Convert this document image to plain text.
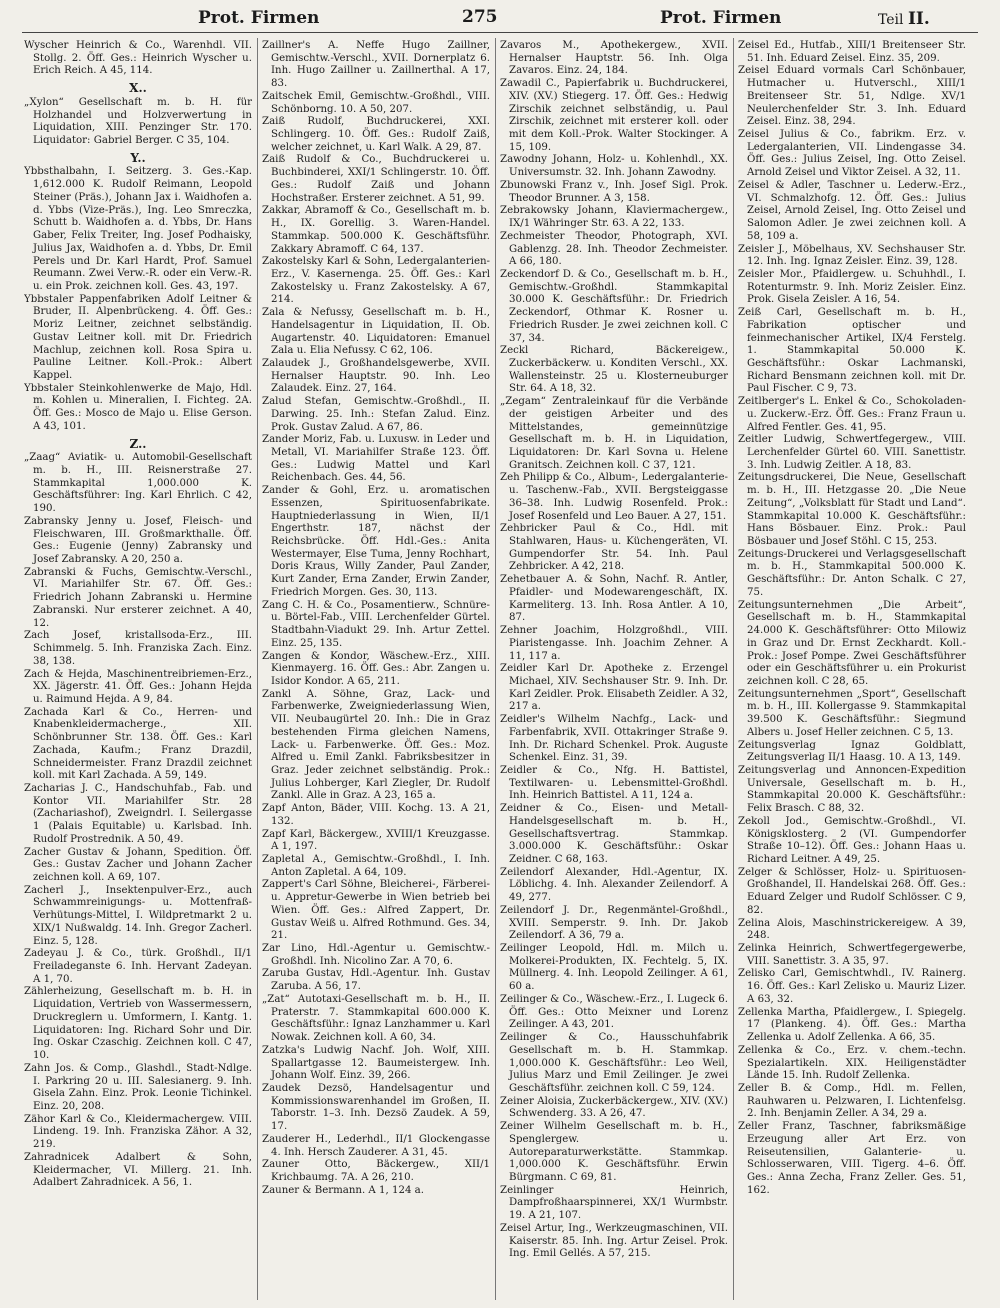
Prot. Firmen	275	Prot. Firmen	Teil II.

Wyscher Heinrich & Co., Warenhdl. VII. Stollg. 2. Öff. Ges.: Heinrich Wyscher u. Erich Reich. A 45, 114.

X..

„Xylon“ Gesellschaft m. b. H. für Holzhandel und Holzverwertung in Liquidation, XIII. Penzinger Str. 170. Liquidator: Gabriel Berger. C 35, 104.

Y..

Ybbsthalbahn, I. Seitzerg. 3. Ges.-Kap. 1,612.000 K. Rudolf Reimann, Leopold Steiner (Präs.), Johann Jax i. Waidhofen a. d. Ybbs (Vize-Präs.), Ing. Leo Smreczka, Schutt b. Waidhofen a. d. Ybbs, Dr. Hans Gaber, Felix Treiter, Ing. Josef Podhaisky, Julius Jax, Waidhofen a. d. Ybbs, Dr. Emil Perels und Dr. Karl Hardt, Prof. Samuel Reumann. Zwei Verw.-R. oder ein Verw.-R. u. ein Prok. zeichnen koll. Ges. 43, 197.

Ybbstaler Pappenfabriken Adolf Leitner & Bruder, II. Alpenbrückeng. 4. Öff. Ges.: Moriz Leitner, zeichnet selbständig. Gustav Leitner koll. mit Dr. Friedrich Machlup, zeichnen koll. Rosa Spira u. Pauline Leitner. Koll.-Prok.: Albert Kappel.

Ybbstaler Steinkohlenwerke de Majo, Hdl. m. Kohlen u. Mineralien, I. Fichteg. 2A. Öff. Ges.: Mosco de Majo u. Elise Gerson. A 43, 101.

Z..

„Zaag“ Aviatik- u. Automobil-Gesellschaft m. b. H., III. Reisnerstraße 27. Stammkapital 1,000.000 K. Geschäftsführer: Ing. Karl Ehrlich. C 42, 190.

Zabransky Jenny u. Josef, Fleisch- und Fleischwaren, III. Großmarkthalle. Öff. Ges.: Eugenie (Jenny) Zabransky und Josef Zabransky. A 20, 250 a.

Zabranski & Fuchs, Gemischtw.-Verschl., VI. Mariahilfer Str. 67. Öff. Ges.: Friedrich Johann Zabranski u. Hermine Zabranski. Nur ersterer zeichnet. A 40, 12.

Zach Josef, kristallsoda-Erz., III. Schimmelg. 5. Inh. Franziska Zach. Einz. 38, 138.

Zach & Hejda, Maschinentreibriemen-Erz., XX. Jägerstr. 41. Öff. Ges.: Johann Hejda u. Raimund Hejda. A 9, 84.

Zachada Karl & Co., Herren- und Knabenkleidermacherge., XII. Schönbrunner Str. 138. Öff. Ges.: Karl Zachada, Kaufm.; Franz Drazdil, Schneidermeister. Franz Drazdil zeichnet koll. mit Karl Zachada. A 59, 149.

Zacharias J. C., Handschuhfab., Fab. und Kontor VII. Mariahilfer Str. 28 (Zachariashof), Zweigndrl. I. Seilergasse 1 (Palais Equitable) u. Karlsbad. Inh. Rudolf Prostrednik. A 50, 49.

Zacher Gustav & Johann, Spedition. Öff. Ges.: Gustav Zacher und Johann Zacher zeichnen koll. A 69, 107.

Zacherl J., Insektenpulver-Erz., auch Schwammreinigungs- u. Mottenfraß-Verhütungs-Mittel, I. Wildpretmarkt 2 u. XIX/1 Nußwaldg. 14. Inh. Gregor Zacherl. Einz. 5, 128.

Zadeyau J. & Co., türk. Großhdl., II/1 Freiladeganste 6. Inh. Hervant Zadeyan. A 1, 70.

Zählerheizung, Gesellschaft m. b. H. in Liquidation, Vertrieb von Wassermessern, Druckreglern u. Umformern, I. Kantg. 1. Liquidatoren: Ing. Richard Sohr und Dir. Ing. Oskar Czaschig. Zeichnen koll. C 47, 10.

Zahn Jos. & Comp., Glashdl., Stadt-Ndlge. I. Parkring 20 u. III. Salesianerg. 9. Inh. Gisela Zahn. Einz. Prok. Leonie Tichinkel. Einz. 20, 208.

Zähor Karl & Co., Kleidermachergew. VIII. Lindeng. 19. Inh. Franziska Zähor. A 32, 219.

Zahradnicek Adalbert & Sohn, Kleidermacher, VI. Millerg. 21. Inh. Adalbert Zahradnicek. A 56, 1.

Zaillner's A. Neffe Hugo Zaillner, Gemischtw.-Verschl., XVII. Dornerplatz 6. Inh. Hugo Zaillner u. Zaillnerthal. A 17, 83.

Zaitschek Emil, Gemischtw.-Großhdl., VIII. Schönborng. 10. A 50, 207.

Zaiß Rudolf, Buchdruckerei, XXI. Schlingerg. 10. Öff. Ges.: Rudolf Zaiß, welcher zeichnet, u. Karl Walk. A 29, 87.

Zaiß Rudolf & Co., Buchdruckerei u. Buchbinderei, XXI/1 Schlingerstr. 10. Öff. Ges.: Rudolf Zaiß und Johann Hochstraßer. Ersterer zeichnet. A 51, 99.

Zakkar, Abramoff & Co., Gesellschaft m. b. H., IX. Gorellig. 3. Waren-Handel. Stammkap. 500.000 K. Geschäftsführ. Zakkary Abramoff. C 64, 137.

Zakostelsky Karl & Sohn, Ledergalanterien-Erz., V. Kasernenga. 25. Öff. Ges.: Karl Zakostelsky u. Franz Zakostelsky. A 67, 214.

Zala & Nefussy, Gesellschaft m. b. H., Handelsagentur in Liquidation, II. Ob. Augartenstr. 40. Liquidatoren: Emanuel Zala u. Elia Nefussy. C 62, 106.

Zalaudek J., Großhandelsgewerbe, XVII. Hernalser Hauptstr. 90. Inh. Leo Zalaudek. Einz. 27, 164.

Zalud Stefan, Gemischtw.-Großhdl., II. Darwing. 25. Inh.: Stefan Zalud. Einz. Prok. Gustav Zalud. A 67, 86.

Zander Moriz, Fab. u. Luxusw. in Leder und Metall, VI. Mariahilfer Straße 123. Öff. Ges.: Ludwig Mattel und Karl Reichenbach. Ges. 44, 56.

Zander & Gohl, Erz. u. aromatischen Essenzen, Spirituosenfabrikate. Hauptniederlassung in Wien, II/1 Engerthstr. 187, nächst der Reichsbrücke. Öff. Hdl.-Ges.: Anita Westermayer, Else Tuma, Jenny Rochhart, Doris Kraus, Willy Zander, Paul Zander, Kurt Zander, Erna Zander, Erwin Zander, Friedrich Morgen. Ges. 30, 113.

Zang C. H. & Co., Posamentierw., Schnüre- u. Börtel-Fab., VIII. Lerchenfelder Gürtel. Stadtbahn-Viadukt 29. Inh. Artur Zettel. Einz. 25, 135.

Zangen & Kondor, Wäschew.-Erz., XIII. Kienmayerg. 16. Öff. Ges.: Abr. Zangen u. Isidor Kondor. A 65, 211.

Zankl A. Söhne, Graz, Lack- und Farbenwerke, Zweigniederlassung Wien, VII. Neubaugürtel 20. Inh.: Die in Graz bestehenden Firma gleichen Namens, Lack- u. Farbenwerke. Öff. Ges.: Moz. Alfred u. Emil Zankl. Fabriksbesitzer in Graz. Jeder zeichnet selbständig. Prok.: Julius Lohberger, Karl Ziegler, Dr. Rudolf Zankl. Alle in Graz. A 23, 165 a.

Zapf Anton, Bäder, VIII. Kochg. 13. A 21, 132.

Zapf Karl, Bäckergew., XVIII/1 Kreuzgasse. A 1, 197.

Zapletal A., Gemischtw.-Großhdl., I. Inh. Anton Zapletal. A 64, 109.

Zappert's Carl Söhne, Bleicherei-, Färberei- u. Appretur-Gewerbe in Wien betrieb bei Wien. Öff. Ges.: Alfred Zappert, Dr. Gustav Weiß u. Alfred Rothmund. Ges. 34, 21.

Zar Lino, Hdl.-Agentur u. Gemischtw.-Großhdl. Inh. Nicolino Zar. A 70, 6.

Zaruba Gustav, Hdl.-Agentur. Inh. Gustav Zaruba. A 56, 17.

„Zat“ Autotaxi-Gesellschaft m. b. H., II. Praterstr. 7. Stammkapital 600.000 K. Geschäftsführ.: Ignaz Lanzhammer u. Karl Nowak. Zeichnen koll. A 60, 34.

Zatzka's Ludwig Nachf. Joh. Wolf, XIII. Spallartgasse 12. Baumeistergew. Inh. Johann Wolf. Einz. 39, 266.

Zaudek Dezsö, Handelsagentur und Kommissionswarenhandel im Großen, II. Taborstr. 1–3. Inh. Dezsö Zaudek. A 59, 17.

Zauderer H., Lederhdl., II/1 Glockengasse 4. Inh. Hersch Zauderer. A 31, 45.

Zauner Otto, Bäckergew., XII/1 Krichbaumg. 7A. A 26, 210.

Zauner & Bermann. A 1, 124 a.

Zavaros M., Apothekergew., XVII. Hernalser Hauptstr. 56. Inh. Olga Zavaros. Einz. 24, 184.

Zawadil C., Papierfabrik u. Buchdruckerei, XIV. (XV.) Stiegerg. 17. Öff. Ges.: Hedwig Zirschik zeichnet selbständig, u. Paul Zirschik, zeichnet mit ersterer koll. oder mit dem Koll.-Prok. Walter Stockinger. A 15, 109.

Zawodny Johann, Holz- u. Kohlenhdl., XX. Universumstr. 32. Inh. Johann Zawodny.

Zbunowski Franz v., Inh. Josef Sigl. Prok. Theodor Brunner. A 3, 158.

Zebrakowsky Johann, Klaviermachergew., IX/1 Währinger Str. 63. A 22, 133.

Zechmeister Theodor, Photograph, XVI. Gablenzg. 28. Inh. Theodor Zechmeister. A 66, 180.

Zeckendorf D. & Co., Gesellschaft m. b. H., Gemischtw.-Großhdl. Stammkapital 30.000 K. Geschäftsführ.: Dr. Friedrich Zeckendorf, Othmar K. Rosner u. Friedrich Rusder. Je zwei zeichnen koll. C 37, 34.

Zeckl Richard, Bäckereigew., Zuckerbäckerw. u. Konditen Verschl., XX. Wallensteinstr. 25 u. Klosterneuburger Str. 64. A 18, 32.

„Zegam“ Zentraleinkauf für die Verbände der geistigen Arbeiter und des Mittelstandes, gemeinnützige Gesellschaft m. b. H. in Liquidation, Liquidatoren: Dr. Karl Sovna u. Helene Granitsch. Zeichnen koll. C 37, 121.

Zeh Philipp & Co., Album-, Ledergalanterie- u. Taschenw.-Fab., XVII. Bergsteiggasse 36–38. Inh. Ludwig Rosenfeld. Prok.: Josef Rosenfeld und Leo Bauer. A 27, 151.

Zehbricker Paul & Co., Hdl. mit Stahlwaren, Haus- u. Küchengeräten, VI. Gumpendorfer Str. 54. Inh. Paul Zehbricker. A 42, 218.

Zehetbauer A. & Sohn, Nachf. R. Antler, Pfaidler- und Modewarengeschäft, IX. Karmeliterg. 13. Inh. Rosa Antler. A 10, 87.

Zehner Joachim, Holzgroßhdl., VIII. Piaristengasse. Inh. Joachim Zehner. A 11, 117 a.

Zeidler Karl Dr. Apotheke z. Erzengel Michael, XIV. Sechshauser Str. 9. Inh. Dr. Karl Zeidler. Prok. Elisabeth Zeidler. A 32, 217 a.

Zeidler's Wilhelm Nachfg., Lack- und Farbenfabrik, XVII. Ottakringer Straße 9. Inh. Dr. Richard Schenkel. Prok. Auguste Schenkel. Einz. 31, 39.

Zeidler & Co., Nfg. H. Battistel, Textilwaren- u. Lebensmittel-Großhdl. Inh. Heinrich Battistel. A 11, 124 a.

Zeidner & Co., Eisen- und Metall-Handelsgesellschaft m. b. H., Gesellschaftsvertrag. Stammkap. 3.000.000 K. Geschäftsführ.: Oskar Zeidner. C 68, 163.

Zeilendorf Alexander, Hdl.-Agentur, IX. Löblichg. 4. Inh. Alexander Zeilendorf. A 49, 277.

Zeilendorf J. Dr., Regenmäntel-Großhdl., XVIII. Semperstr. 9. Inh. Dr. Jakob Zeilendorf. A 36, 79 a.

Zeilinger Leopold, Hdl. m. Milch u. Molkerei-Produkten, IX. Fechtelg. 5, IX. Müllnerg. 4. Inh. Leopold Zeilinger. A 61, 60 a.

Zeilinger & Co., Wäschew.-Erz., I. Lugeck 6. Öff. Ges.: Otto Meixner und Lorenz Zeilinger. A 43, 201.

Zeilinger & Co., Hausschuhfabrik Gesellschaft m. b. H. Stammkap. 1,000.000 K. Geschäftsführ.: Leo Weil, Julius Marz und Emil Zeilinger. Je zwei Geschäftsführ. zeichnen koll. C 59, 124.

Zeiner Aloisia, Zuckerbäckergew., XIV. (XV.) Schwenderg. 33. A 26, 47.

Zeiner Wilhelm Gesellschaft m. b. H., Spenglergew. u. Autoreparaturwerkstätte. Stammkap. 1,000.000 K. Geschäftsführ. Erwin Bürgmann. C 69, 81.

Zeinlinger Heinrich, Dampfroßhaarspinnerei, XX/1 Wurmbstr. 19. A 21, 107.

Zeisel Artur, Ing., Werkzeugmaschinen, VII. Kaiserstr. 85. Inh. Ing. Artur Zeisel. Prok. Ing. Emil Gellés. A 57, 215.

Zeisel Ed., Hutfab., XIII/1 Breitenseer Str. 51. Inh. Eduard Zeisel. Einz. 35, 209.

Zeisel Eduard vormals Carl Schönbauer, Hutmacher u. Hutverschl., XIII/1 Breitenseer Str. 51, Ndlge. XV/1 Neulerchenfelder Str. 3. Inh. Eduard Zeisel. Einz. 38, 294.

Zeisel Julius & Co., fabrikm. Erz. v. Ledergalanterien, VII. Lindengasse 34. Öff. Ges.: Julius Zeisel, Ing. Otto Zeisel. Arnold Zeisel und Viktor Zeisel. A 32, 11.

Zeisel & Adler, Taschner u. Lederw.-Erz., VI. Schmalzhofg. 12. Öff. Ges.: Julius Zeisel, Arnold Zeisel, Ing. Otto Zeisel und Salomon Adler. Je zwei zeichnen koll. A 58, 109 a.

Zeisler J., Möbelhaus, XV. Sechshauser Str. 12. Inh. Ing. Ignaz Zeisler. Einz. 39, 128.

Zeisler Mor., Pfaidlergew. u. Schuhhdl., I. Rotenturmstr. 9. Inh. Moriz Zeisler. Einz. Prok. Gisela Zeisler. A 16, 54.

Zeiß Carl, Gesellschaft m. b. H., Fabrikation optischer und feinmechanischer Artikel, IX/4 Ferstelg. 1. Stammkapital 50.000 K. Geschäftsführ.: Oskar Lachmanski, Richard Bensmann zeichnen koll. mit Dr. Paul Fischer. C 9, 73.

Zeitlberger's L. Enkel & Co., Schokoladen- u. Zuckerw.-Erz. Öff. Ges.: Franz Fraun u. Alfred Fentler. Ges. 41, 95.

Zeitler Ludwig, Schwertfegergew., VIII. Lerchenfelder Gürtel 60. VIII. Sanettistr. 3. Inh. Ludwig Zeitler. A 18, 83.

Zeitungsdruckerei, Die Neue, Gesellschaft m. b. H., III. Hetzgasse 20. „Die Neue Zeitung“, „Volksblatt für Stadt und Land“. Stammkapital 10.000 K. Geschäftsführ.: Hans Bösbauer. Einz. Prok.: Paul Bösbauer und Josef Stöhl. C 15, 253.

Zeitungs-Druckerei und Verlagsgesellschaft m. b. H., Stammkapital 500.000 K. Geschäftsführ.: Dr. Anton Schalk. C 27, 75.

Zeitungsunternehmen „Die Arbeit“, Gesellschaft m. b. H., Stammkapital 24.000 K. Geschäftsführer: Otto Milowiz in Graz und Dr. Ernst Zeckhardt. Koll.-Prok.: Josef Pompe. Zwei Geschäftsführer oder ein Geschäftsführer u. ein Prokurist zeichnen koll. C 28, 65.

Zeitungsunternehmen „Sport“, Gesellschaft m. b. H., III. Kollergasse 9. Stammkapital 39.500 K. Geschäftsführ.: Siegmund Albers u. Josef Heller zeichnen. C 5, 13.

Zeitungsverlag Ignaz Goldblatt, Zeitungsverlag II/1 Haasg. 10. A 13, 149.

Zeitungsverlag und Annoncen-Expedition Universale, Gesellschaft m. b. H., Stammkapital 20.000 K. Geschäftsführ.: Felix Brasch. C 88, 32.

Zekoll Jod., Gemischtw.-Großhdl., VI. Königsklosterg. 2 (VI. Gumpendorfer Straße 10–12). Öff. Ges.: Johann Haas u. Richard Leitner. A 49, 25.

Zelger & Schlösser, Holz- u. Spirituosen-Großhandel, II. Handelskai 268. Öff. Ges.: Eduard Zelger und Rudolf Schlösser. C 9, 82.

Zelina Alois, Maschinstrickereigew. A 39, 248.

Zelinka Heinrich, Schwertfegergewerbe, VIII. Sanettistr. 3. A 35, 97.

Zelisko Carl, Gemischtwhdl., IV. Rainerg. 16. Öff. Ges.: Karl Zelisko u. Mauriz Lizer. A 63, 32.

Zellenka Martha, Pfaidlergew., I. Spiegelg. 17 (Plankeng. 4). Öff. Ges.: Martha Zellenka u. Adolf Zellenka. A 66, 35.

Zellenka & Co., Erz. v. chem.-techn. Spezialartikeln. XIX. Heiligenstädter Lände 15. Inh. Rudolf Zellenka.

Zeller B. & Comp., Hdl. m. Fellen, Rauhwaren u. Pelzwaren, I. Lichtenfelsg. 2. Inh. Benjamin Zeller. A 34, 29 a.

Zeller Franz, Taschner, fabriksmäßige Erzeugung aller Art Erz. von Reiseutensilien, Galanterie- u. Schlosserwaren, VIII. Tigerg. 4–6. Öff. Ges.: Anna Zecha, Franz Zeller. Ges. 51, 162.
